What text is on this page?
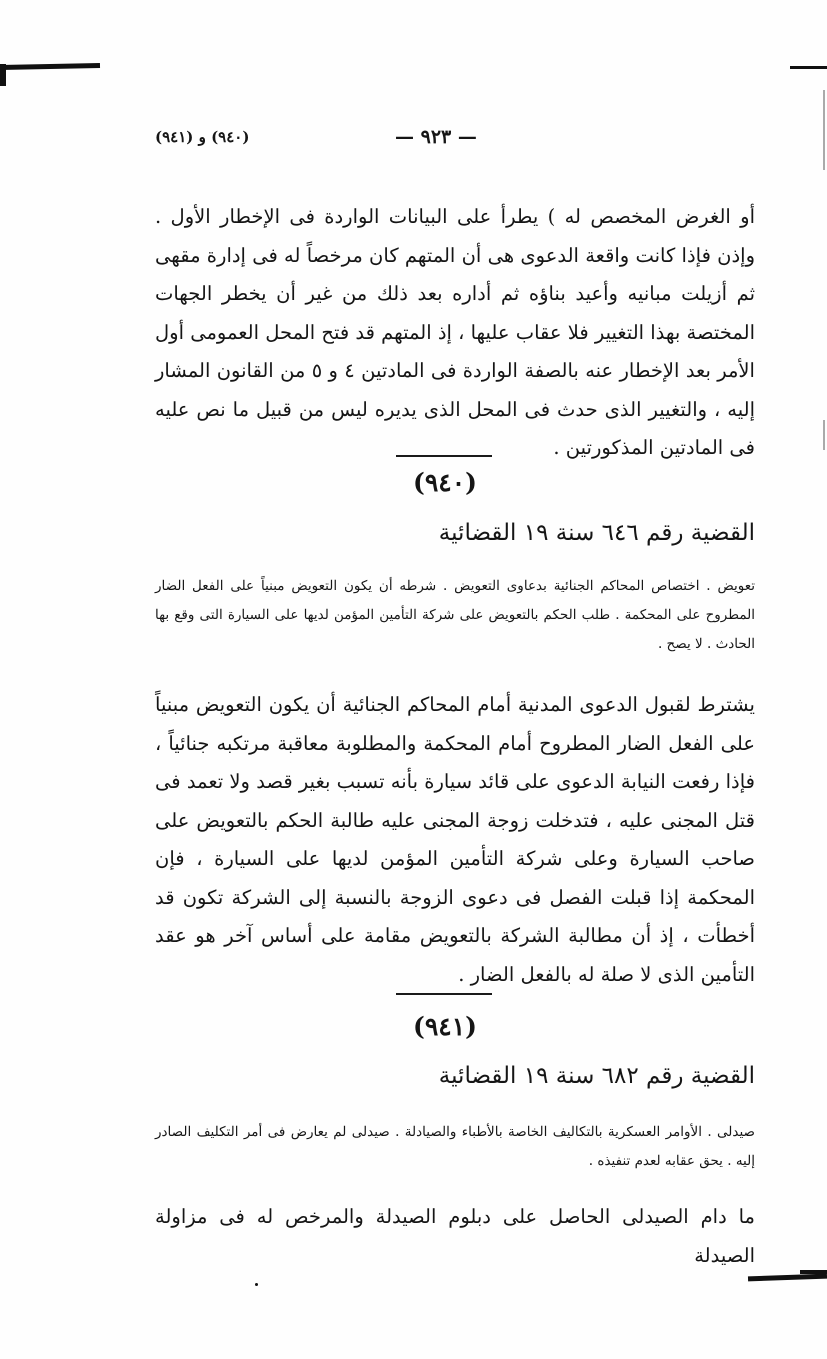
(٩٤٠) و (٩٤١)	— ٩٢٣ —

أو الغرض المخصص له ) يطرأ على البيانات الواردة فى الإخطار الأول . وإذن فإذا كانت واقعة الدعوى هى أن المتهم كان مرخصاً له فى إدارة مقهى ثم أزيلت مبانيه وأعيد بناؤه ثم أداره بعد ذلك من غير أن يخطر الجهات المختصة بهذا التغيير فلا عقاب عليها ، إذ المتهم قد فتح المحل العمومى أول الأمر بعد الإخطار عنه بالصفة الواردة فى المادتين ٤ و ٥ من القانون المشار إليه ، والتغيير الذى حدث فى المحل الذى يديره ليس من قبيل ما نص عليه فى المادتين المذكورتين .

(٩٤٠)
القضية رقم ٦٤٦ سنة ١٩ القضائية

تعويض . اختصاص المحاكم الجنائية بدعاوى التعويض . شرطه أن يكون التعويض مبنياً على الفعل الضار المطروح على المحكمة . طلب الحكم بالتعويض على شركة التأمين المؤمن لديها على السيارة التى وقع بها الحادث . لا يصح .

يشترط لقبول الدعوى المدنية أمام المحاكم الجنائية أن يكون التعويض مبنياً على الفعل الضار المطروح أمام المحكمة والمطلوبة معاقبة مرتكبه جنائياً ، فإذا رفعت النيابة الدعوى على قائد سيارة بأنه تسبب بغير قصد ولا تعمد فى قتل المجنى عليه ، فتدخلت زوجة المجنى عليه طالبة الحكم بالتعويض على صاحب السيارة وعلى شركة التأمين المؤمن لديها على السيارة ، فإن المحكمة إذا قبلت الفصل فى دعوى الزوجة بالنسبة إلى الشركة تكون قد أخطأت ، إذ أن مطالبة الشركة بالتعويض مقامة على أساس آخر هو عقد التأمين الذى لا صلة له بالفعل الضار .

(٩٤١)
القضية رقم ٦٨٢ سنة ١٩ القضائية

صيدلى . الأوامر العسكرية بالتكاليف الخاصة بالأطباء والصيادلة . صيدلى لم يعارض فى أمر التكليف الصادر إليه . يحق عقابه لعدم تنفيذه .

ما دام الصيدلى الحاصل على دبلوم الصيدلة والمرخص له فى مزاولة الصيدلة
